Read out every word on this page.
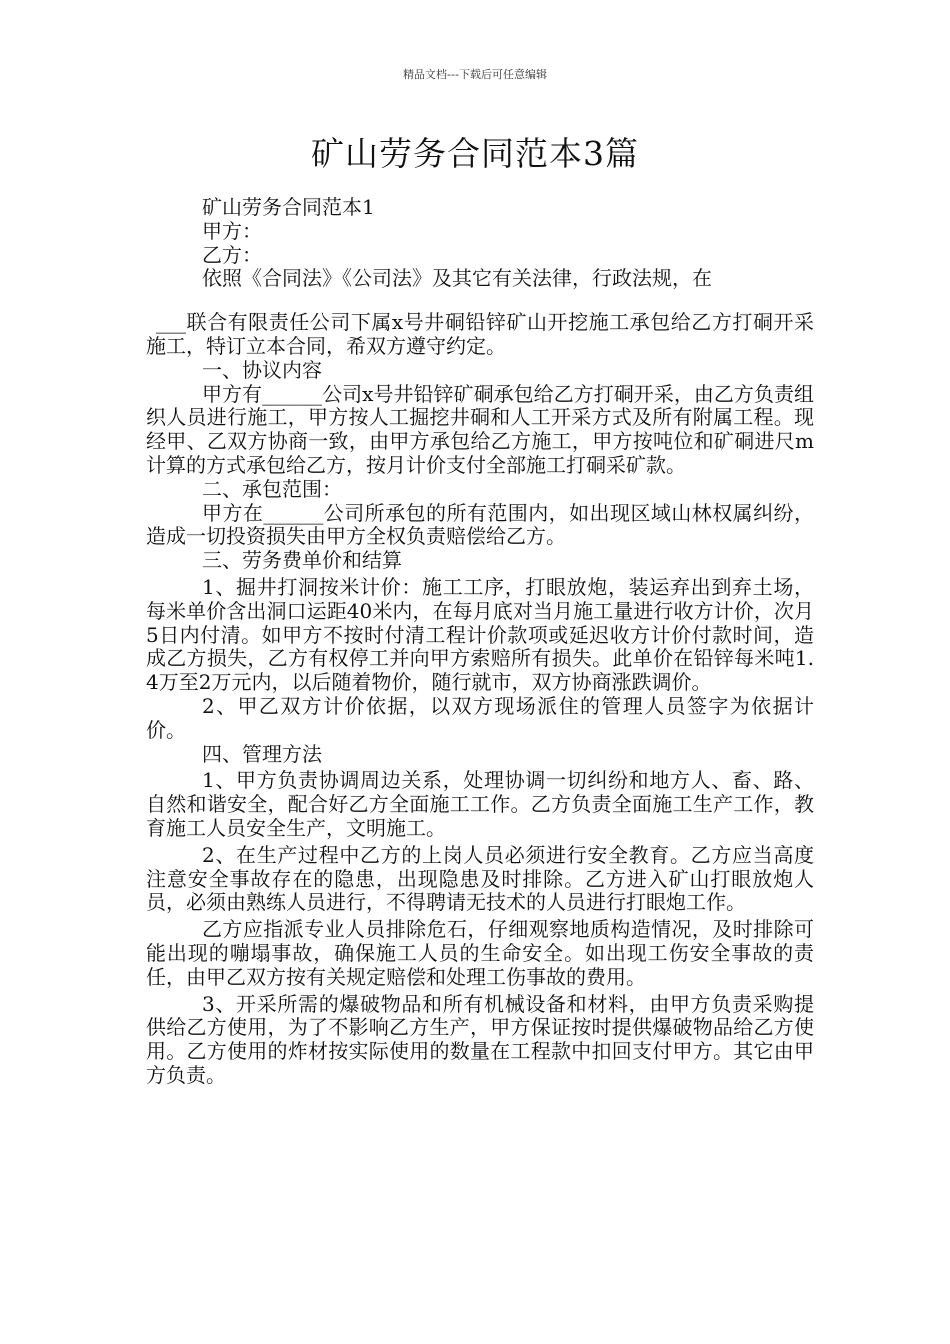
精品文档---下载后可任意编辑
矿山劳务合同范本3篇

矿山劳务合同范本1

甲方：

乙方：

依照《合同法》《公司法》及其它有关法律，行政法规，在

___联合有限责任公司下属x号井硐铅锌矿山开挖施工承包给乙方打硐开采施工，特订立本合同，希双方遵守约定。

一、协议内容

甲方有______公司x号井铅锌矿硐承包给乙方打硐开采，由乙方负责组织人员进行施工，甲方按人工掘挖井硐和人工开采方式及所有附属工程。现经甲、乙双方协商一致，由甲方承包给乙方施工，甲方按吨位和矿硐进尺m计算的方式承包给乙方，按月计价支付全部施工打硐采矿款。

二、承包范围：

甲方在______公司所承包的所有范围内，如出现区域山林权属纠纷，造成一切投资损失由甲方全权负责赔偿给乙方。

三、劳务费单价和结算

1、掘井打洞按米计价：施工工序，打眼放炮，装运弃出到弃土场，每米单价含出洞口运距40米内，在每月底对当月施工量进行收方计价，次月5日内付清。如甲方不按时付清工程计价款项或延迟收方计价付款时间，造成乙方损失，乙方有权停工并向甲方索赔所有损失。此单价在铅锌每米吨1.4万至2万元内，以后随着物价，随行就市，双方协商涨跌调价。

2、甲乙双方计价依据，以双方现场派住的管理人员签字为依据计价。

四、管理方法

1、甲方负责协调周边关系，处理协调一切纠纷和地方人、畜、路、自然和谐安全，配合好乙方全面施工工作。乙方负责全面施工生产工作，教育施工人员安全生产，文明施工。

2、在生产过程中乙方的上岗人员必须进行安全教育。乙方应当高度注意安全事故存在的隐患，出现隐患及时排除。乙方进入矿山打眼放炮人员，必须由熟练人员进行，不得聘请无技术的人员进行打眼炮工作。

乙方应指派专业人员排除危石，仔细观察地质构造情况，及时排除可能出现的嘣塌事故，确保施工人员的生命安全。如出现工伤安全事故的责任，由甲乙双方按有关规定赔偿和处理工伤事故的费用。

3、开采所需的爆破物品和所有机械设备和材料，由甲方负责采购提供给乙方使用，为了不影响乙方生产，甲方保证按时提供爆破物品给乙方使用。乙方使用的炸材按实际使用的数量在工程款中扣回支付甲方。其它由甲方负责。
